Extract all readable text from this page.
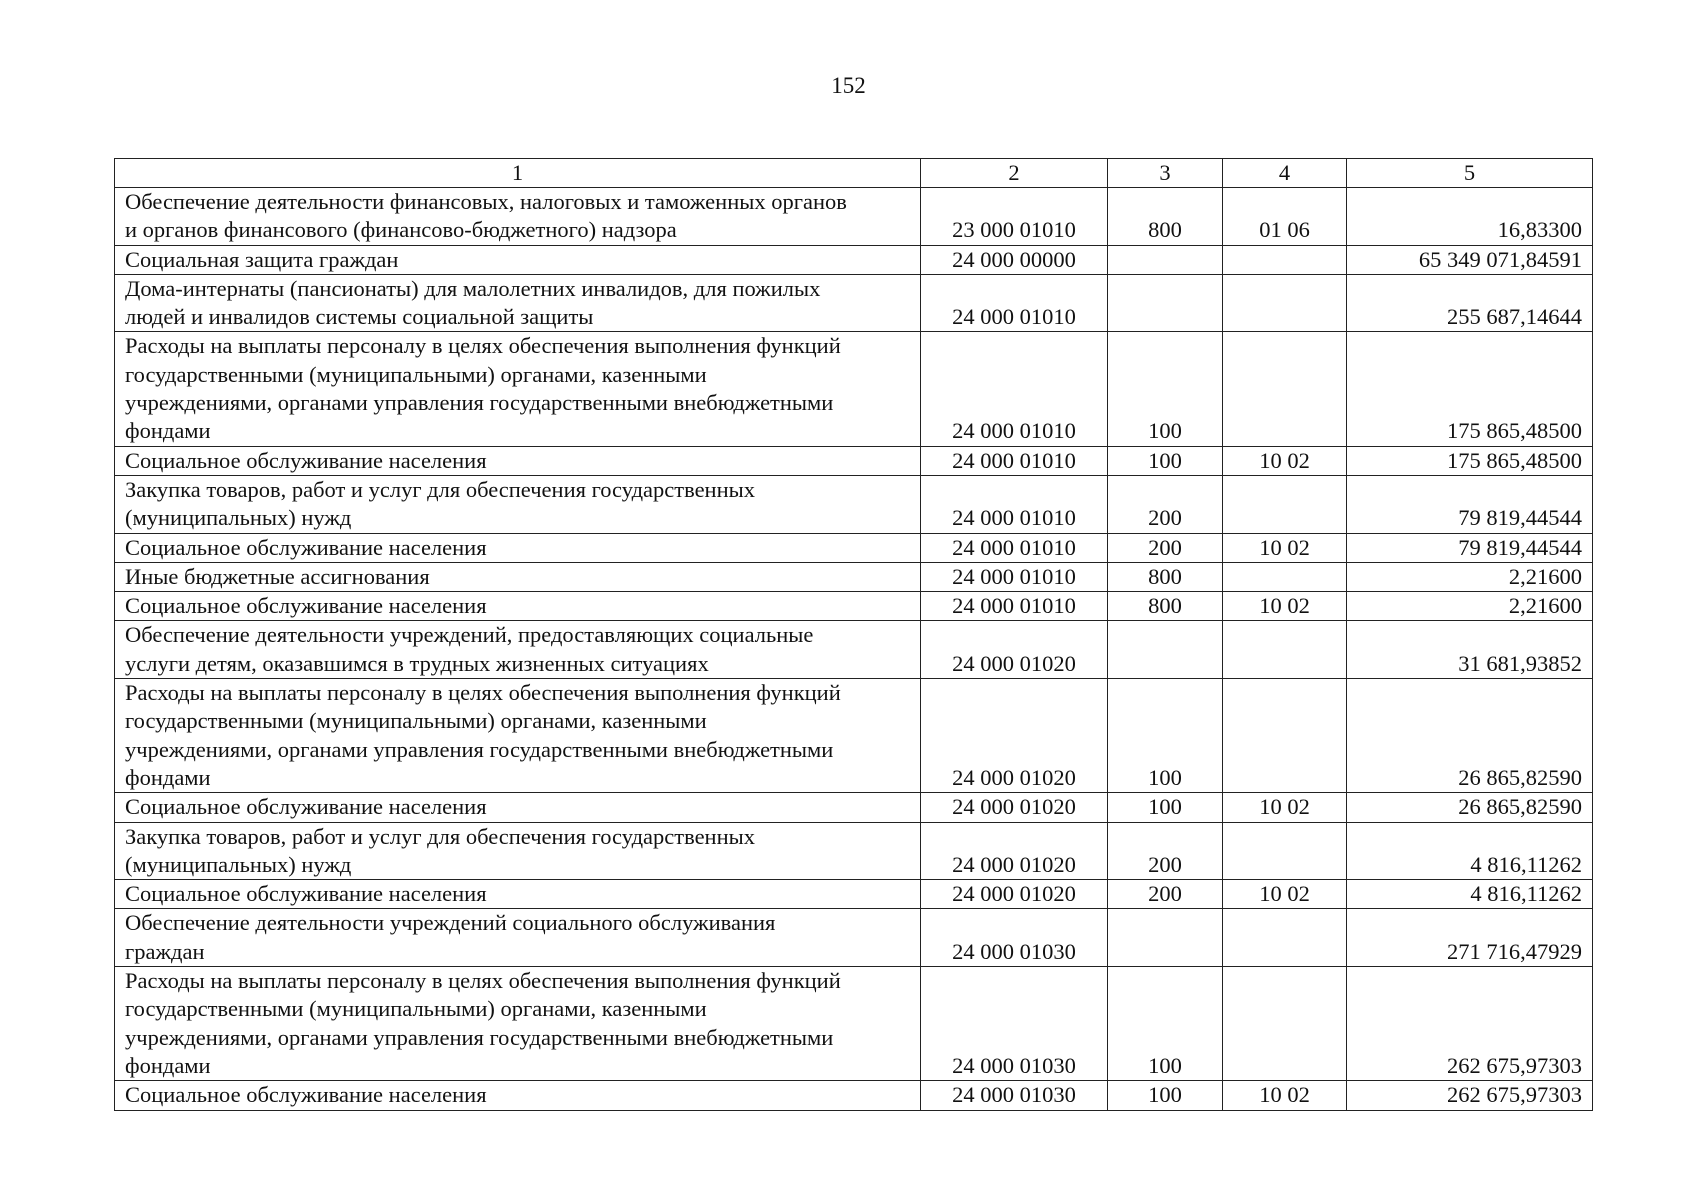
152
1	2	3	4	5

Обеспечение деятельности финансовых, налоговых и таможенных органов
и органов финансового (финансово-бюджетного) надзора	23 000 01010	800	01 06	16,83300

Социальная защита граждан	24 000 00000			65 349 071,84591

Дома-интернаты (пансионаты) для малолетних инвалидов, для пожилых
людей и инвалидов системы социальной защиты	24 000 01010			255 687,14644

Расходы на выплаты персоналу в целях обеспечения выполнения функций
государственными (муниципальными) органами, казенными
учреждениями, органами управления государственными внебюджетными
фондами	24 000 01010	100		175 865,48500

Социальное обслуживание населения	24 000 01010	100	10 02	175 865,48500

Закупка товаров, работ и услуг для обеспечения государственных
(муниципальных) нужд	24 000 01010	200		79 819,44544

Социальное обслуживание населения	24 000 01010	200	10 02	79 819,44544

Иные бюджетные ассигнования	24 000 01010	800		2,21600

Социальное обслуживание населения	24 000 01010	800	10 02	2,21600

Обеспечение деятельности учреждений, предоставляющих социальные
услуги детям, оказавшимся в трудных жизненных ситуациях	24 000 01020			31 681,93852

Расходы на выплаты персоналу в целях обеспечения выполнения функций
государственными (муниципальными) органами, казенными
учреждениями, органами управления государственными внебюджетными
фондами	24 000 01020	100		26 865,82590

Социальное обслуживание населения	24 000 01020	100	10 02	26 865,82590

Закупка товаров, работ и услуг для обеспечения государственных
(муниципальных) нужд	24 000 01020	200		4 816,11262

Социальное обслуживание населения	24 000 01020	200	10 02	4 816,11262

Обеспечение деятельности учреждений социального обслуживания
граждан	24 000 01030			271 716,47929

Расходы на выплаты персоналу в целях обеспечения выполнения функций
государственными (муниципальными) органами, казенными
учреждениями, органами управления государственными внебюджетными
фондами	24 000 01030	100		262 675,97303

Социальное обслуживание населения	24 000 01030	100	10 02	262 675,97303
